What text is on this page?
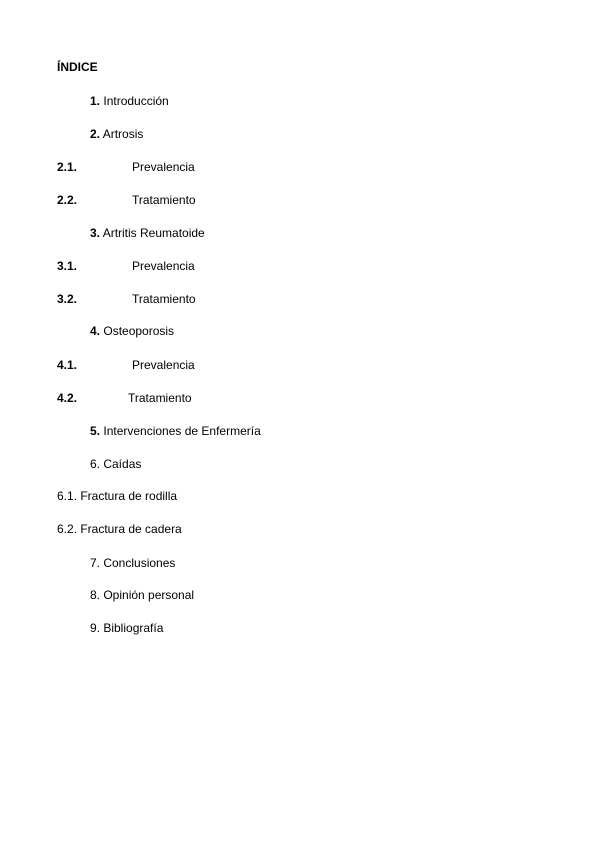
ÍNDICE
1. Introducción
2. Artrosis
2.1.	Prevalencia
2.2.	Tratamiento
3. Artritis Reumatoide
3.1.	Prevalencia
3.2.	Tratamiento
4. Osteoporosis
4.1.	Prevalencia
4.2.	Tratamiento
5. Intervenciones de Enfermería
6. Caídas
6.1. Fractura de rodilla
6.2. Fractura de cadera
7. Conclusiones
8. Opinión personal
9. Bibliografía
